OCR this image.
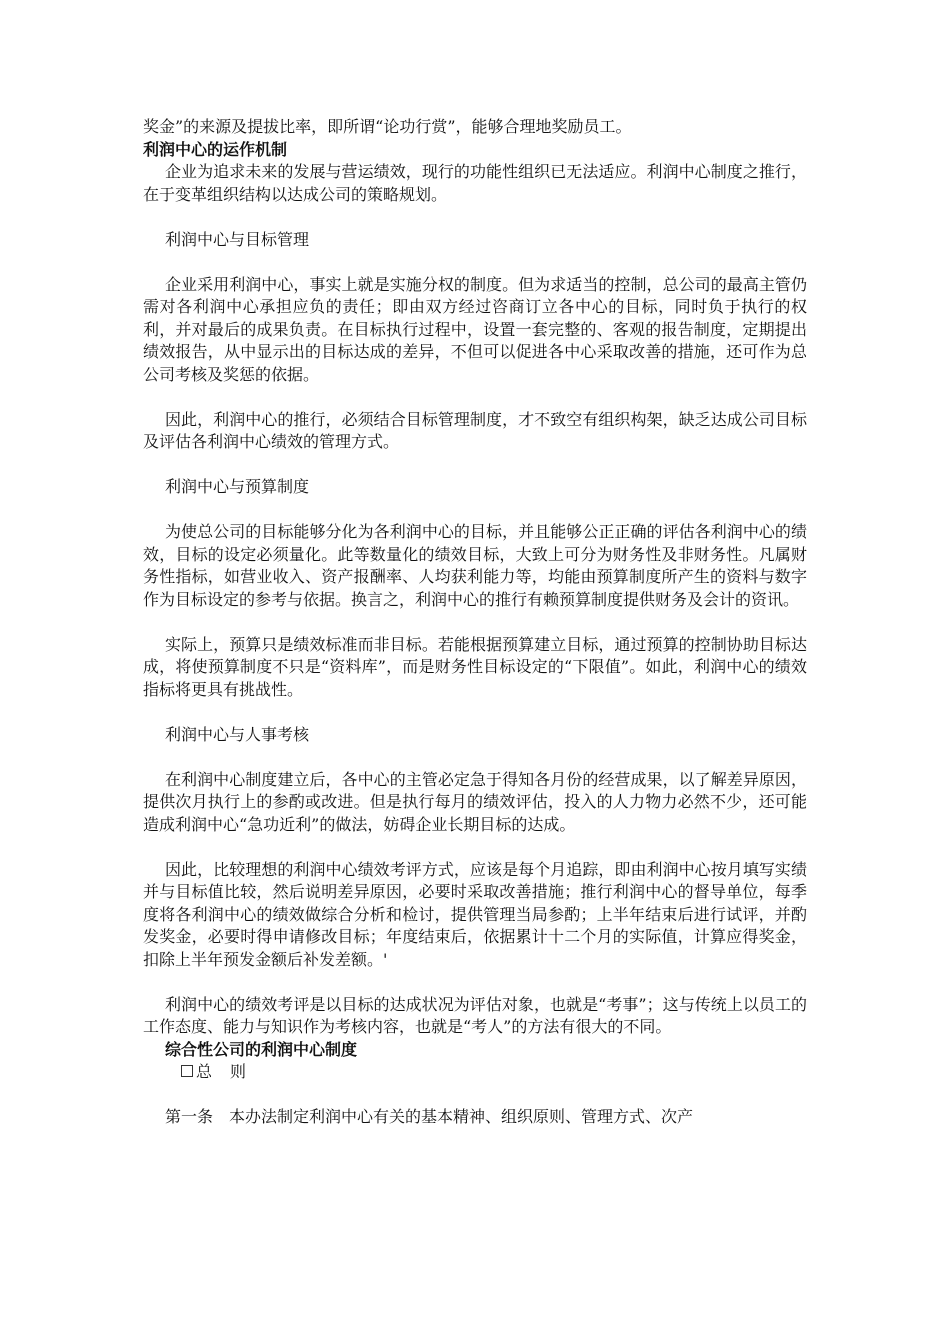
奖金”的来源及提拔比率，即所谓“论功行赏”，能够合理地奖励员工。

利润中心的运作机制

企业为追求未来的发展与营运绩效，现行的功能性组织已无法适应。利润中心制度之推行，在于变革组织结构以达成公司的策略规划。

利润中心与目标管理

企业采用利润中心，事实上就是实施分权的制度。但为求适当的控制，总公司的最高主管仍需对各利润中心承担应负的责任；即由双方经过咨商订立各中心的目标，同时负于执行的权利，并对最后的成果负责。在目标执行过程中，设置一套完整的、客观的报告制度，定期提出绩效报告，从中显示出的目标达成的差异，不但可以促进各中心采取改善的措施，还可作为总公司考核及奖惩的依据。

因此，利润中心的推行，必须结合目标管理制度，才不致空有组织构架，缺乏达成公司目标及评估各利润中心绩效的管理方式。

利润中心与预算制度

为使总公司的目标能够分化为各利润中心的目标，并且能够公正正确的评估各利润中心的绩效，目标的设定必须量化。此等数量化的绩效目标，大致上可分为财务性及非财务性。凡属财务性指标，如营业收入、资产报酬率、人均获利能力等，均能由预算制度所产生的资料与数字作为目标设定的参考与依据。换言之，利润中心的推行有赖预算制度提供财务及会计的资讯。

实际上，预算只是绩效标准而非目标。若能根据预算建立目标，通过预算的控制协助目标达成，将使预算制度不只是“资料库”，而是财务性目标设定的“下限值”。如此，利润中心的绩效指标将更具有挑战性。

利润中心与人事考核

在利润中心制度建立后，各中心的主管必定急于得知各月份的经营成果，以了解差异原因，提供次月执行上的参酌或改进。但是执行每月的绩效评估，投入的人力物力必然不少，还可能造成利润中心“急功近利”的做法，妨碍企业长期目标的达成。

因此，比较理想的利润中心绩效考评方式，应该是每个月追踪，即由利润中心按月填写实绩并与目标值比较，然后说明差异原因，必要时采取改善措施；推行利润中心的督导单位，每季度将各利润中心的绩效做综合分析和检讨，提供管理当局参酌；上半年结束后进行试评，并酌发奖金，必要时得申请修改目标；年度结束后，依据累计十二个月的实际值，计算应得奖金，扣除上半年预发金额后补发差额。'

利润中心的绩效考评是以目标的达成状况为评估对象，也就是“考事”；这与传统上以员工的工作态度、能力与知识作为考核内容，也就是“考人”的方法有很大的不同。

综合性公司的利润中心制度

总　则

第一条　本办法制定利润中心有关的基本精神、组织原则、管理方式、次产
